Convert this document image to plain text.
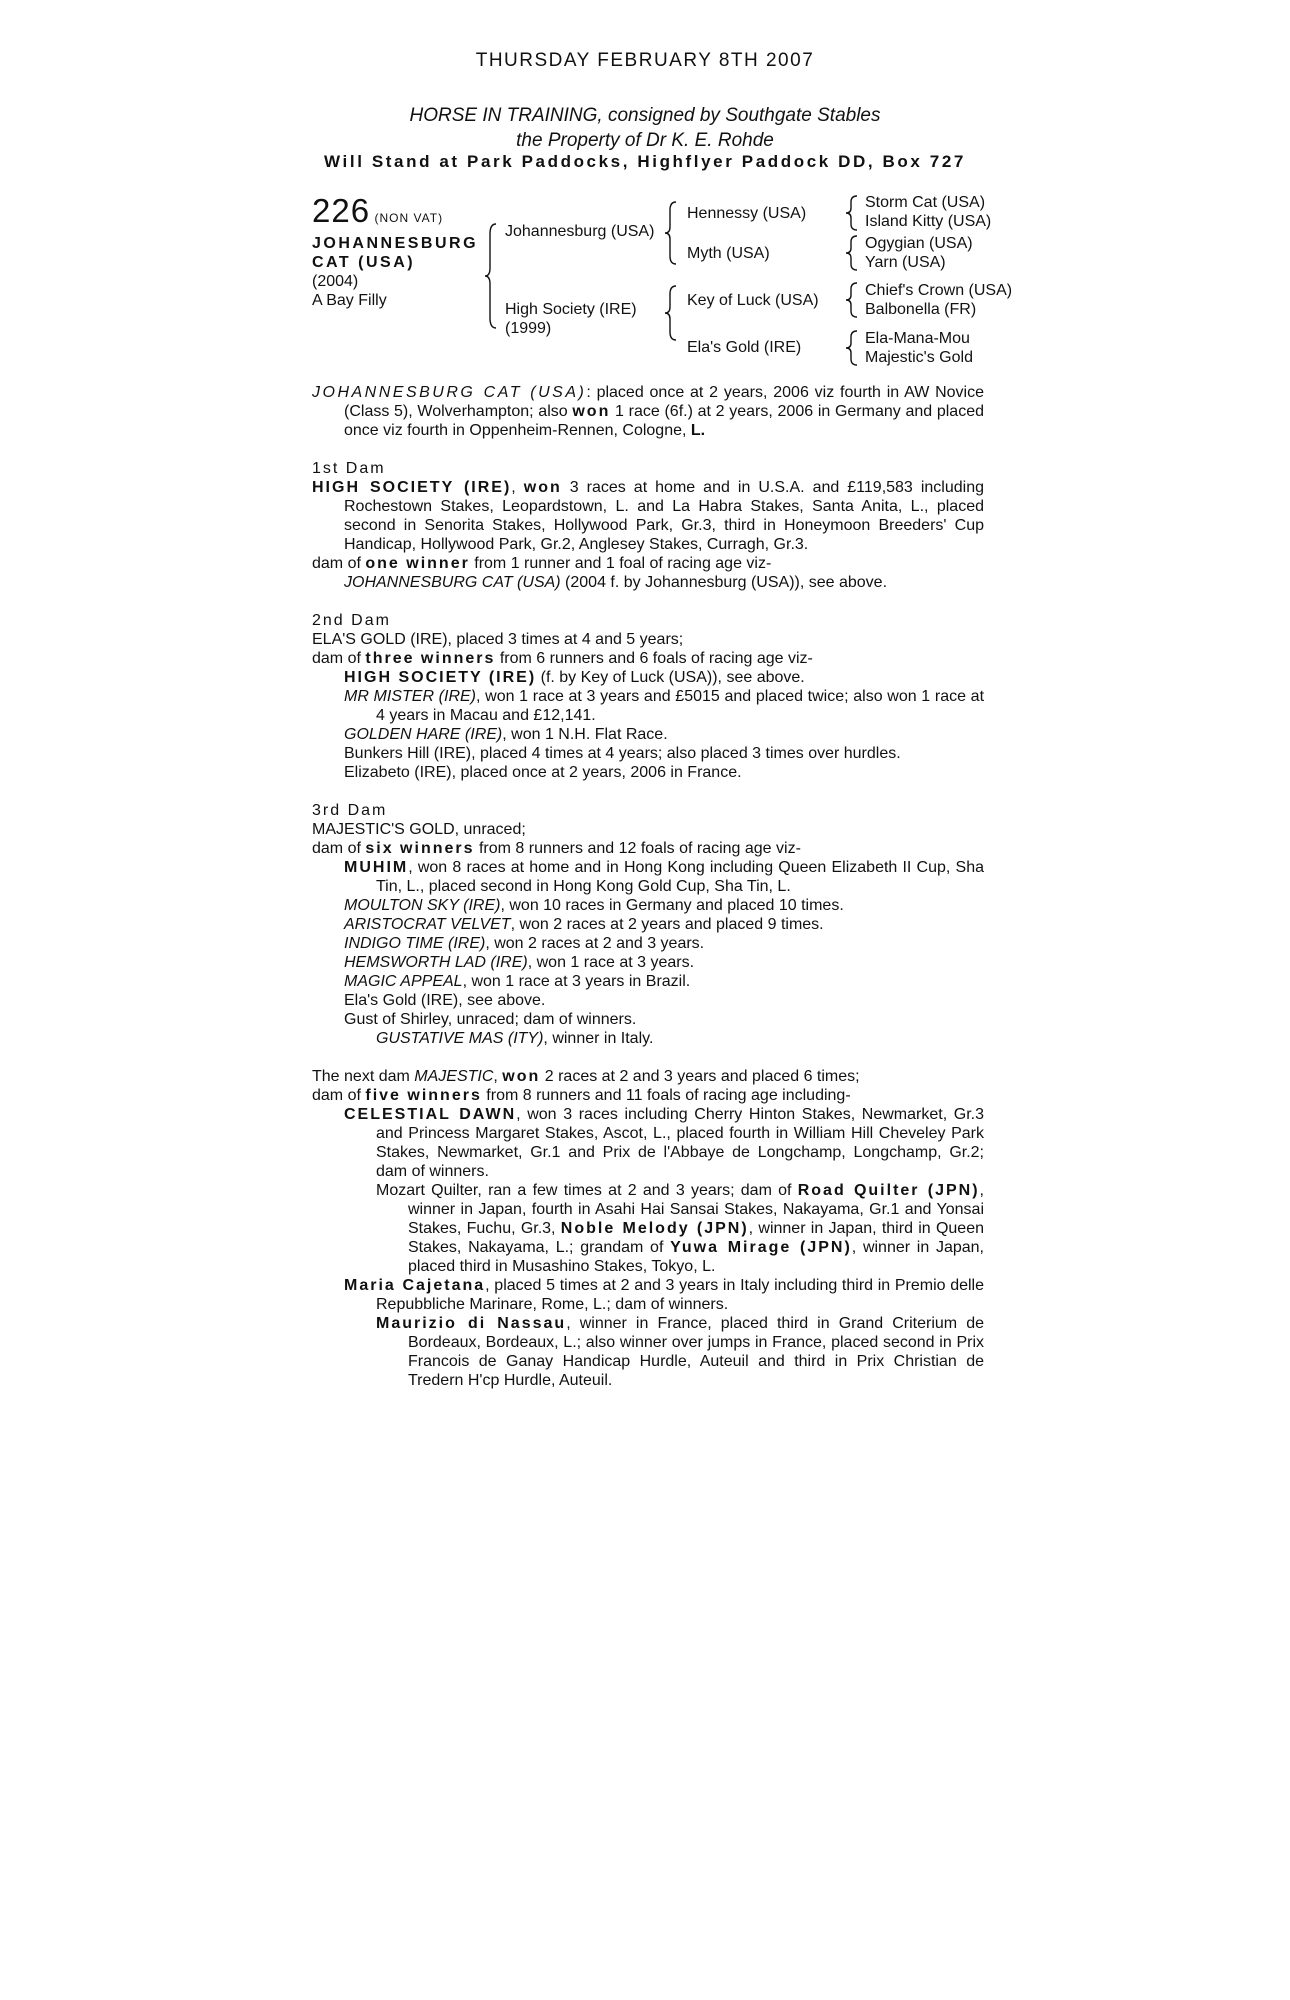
THURSDAY FEBRUARY 8TH 2007
HORSE IN TRAINING, consigned by Southgate Stables
the Property of Dr K. E. Rohde
Will Stand at Park Paddocks, Highflyer Paddock DD, Box 727
226 (NON VAT)
JOHANNESBURG
CAT (USA)
(2004)
A Bay Filly
Johannesburg (USA)
High Society (IRE)
(1999)
Hennessy (USA)
Myth (USA)
Key of Luck (USA)
Ela's Gold (IRE)
Storm Cat (USA)
Island Kitty (USA)
Ogygian (USA)
Yarn (USA)
Chief's Crown (USA)
Balbonella (FR)
Ela-Mana-Mou
Majestic's Gold

JOHANNESBURG CAT (USA): placed once at 2 years, 2006 viz fourth in AW Novice (Class 5), Wolverhampton; also won 1 race (6f.) at 2 years, 2006 in Germany and placed once viz fourth in Oppenheim-Rennen, Cologne, L.

1st Dam

HIGH SOCIETY (IRE), won 3 races at home and in U.S.A. and £119,583 including Rochestown Stakes, Leopardstown, L. and La Habra Stakes, Santa Anita, L., placed second in Senorita Stakes, Hollywood Park, Gr.3, third in Honeymoon Breeders' Cup Handicap, Hollywood Park, Gr.2, Anglesey Stakes, Curragh, Gr.3.

dam of one winner from 1 runner and 1 foal of racing age viz-

JOHANNESBURG CAT (USA) (2004 f. by Johannesburg (USA)), see above.

2nd Dam

ELA'S GOLD (IRE), placed 3 times at 4 and 5 years;

dam of three winners from 6 runners and 6 foals of racing age viz-

HIGH SOCIETY (IRE) (f. by Key of Luck (USA)), see above.

MR MISTER (IRE), won 1 race at 3 years and £5015 and placed twice; also won 1 race at 4 years in Macau and £12,141.

GOLDEN HARE (IRE), won 1 N.H. Flat Race.

Bunkers Hill (IRE), placed 4 times at 4 years; also placed 3 times over hurdles.

Elizabeto (IRE), placed once at 2 years, 2006 in France.

3rd Dam

MAJESTIC'S GOLD, unraced;

dam of six winners from 8 runners and 12 foals of racing age viz-

MUHIM, won 8 races at home and in Hong Kong including Queen Elizabeth II Cup, Sha Tin, L., placed second in Hong Kong Gold Cup, Sha Tin, L.

MOULTON SKY (IRE), won 10 races in Germany and placed 10 times.

ARISTOCRAT VELVET, won 2 races at 2 years and placed 9 times.

INDIGO TIME (IRE), won 2 races at 2 and 3 years.

HEMSWORTH LAD (IRE), won 1 race at 3 years.

MAGIC APPEAL, won 1 race at 3 years in Brazil.

Ela's Gold (IRE), see above.

Gust of Shirley, unraced; dam of winners.

GUSTATIVE MAS (ITY), winner in Italy.

The next dam MAJESTIC, won 2 races at 2 and 3 years and placed 6 times;

dam of five winners from 8 runners and 11 foals of racing age including-

CELESTIAL DAWN, won 3 races including Cherry Hinton Stakes, Newmarket, Gr.3 and Princess Margaret Stakes, Ascot, L., placed fourth in William Hill Cheveley Park Stakes, Newmarket, Gr.1 and Prix de l'Abbaye de Longchamp, Longchamp, Gr.2; dam of winners.

Mozart Quilter, ran a few times at 2 and 3 years; dam of Road Quilter (JPN), winner in Japan, fourth in Asahi Hai Sansai Stakes, Nakayama, Gr.1 and Yonsai Stakes, Fuchu, Gr.3, Noble Melody (JPN), winner in Japan, third in Queen Stakes, Nakayama, L.; grandam of Yuwa Mirage (JPN), winner in Japan, placed third in Musashino Stakes, Tokyo, L.

Maria Cajetana, placed 5 times at 2 and 3 years in Italy including third in Premio delle Repubbliche Marinare, Rome, L.; dam of winners.

Maurizio di Nassau, winner in France, placed third in Grand Criterium de Bordeaux, Bordeaux, L.; also winner over jumps in France, placed second in Prix Francois de Ganay Handicap Hurdle, Auteuil and third in Prix Christian de Tredern H'cp Hurdle, Auteuil.
